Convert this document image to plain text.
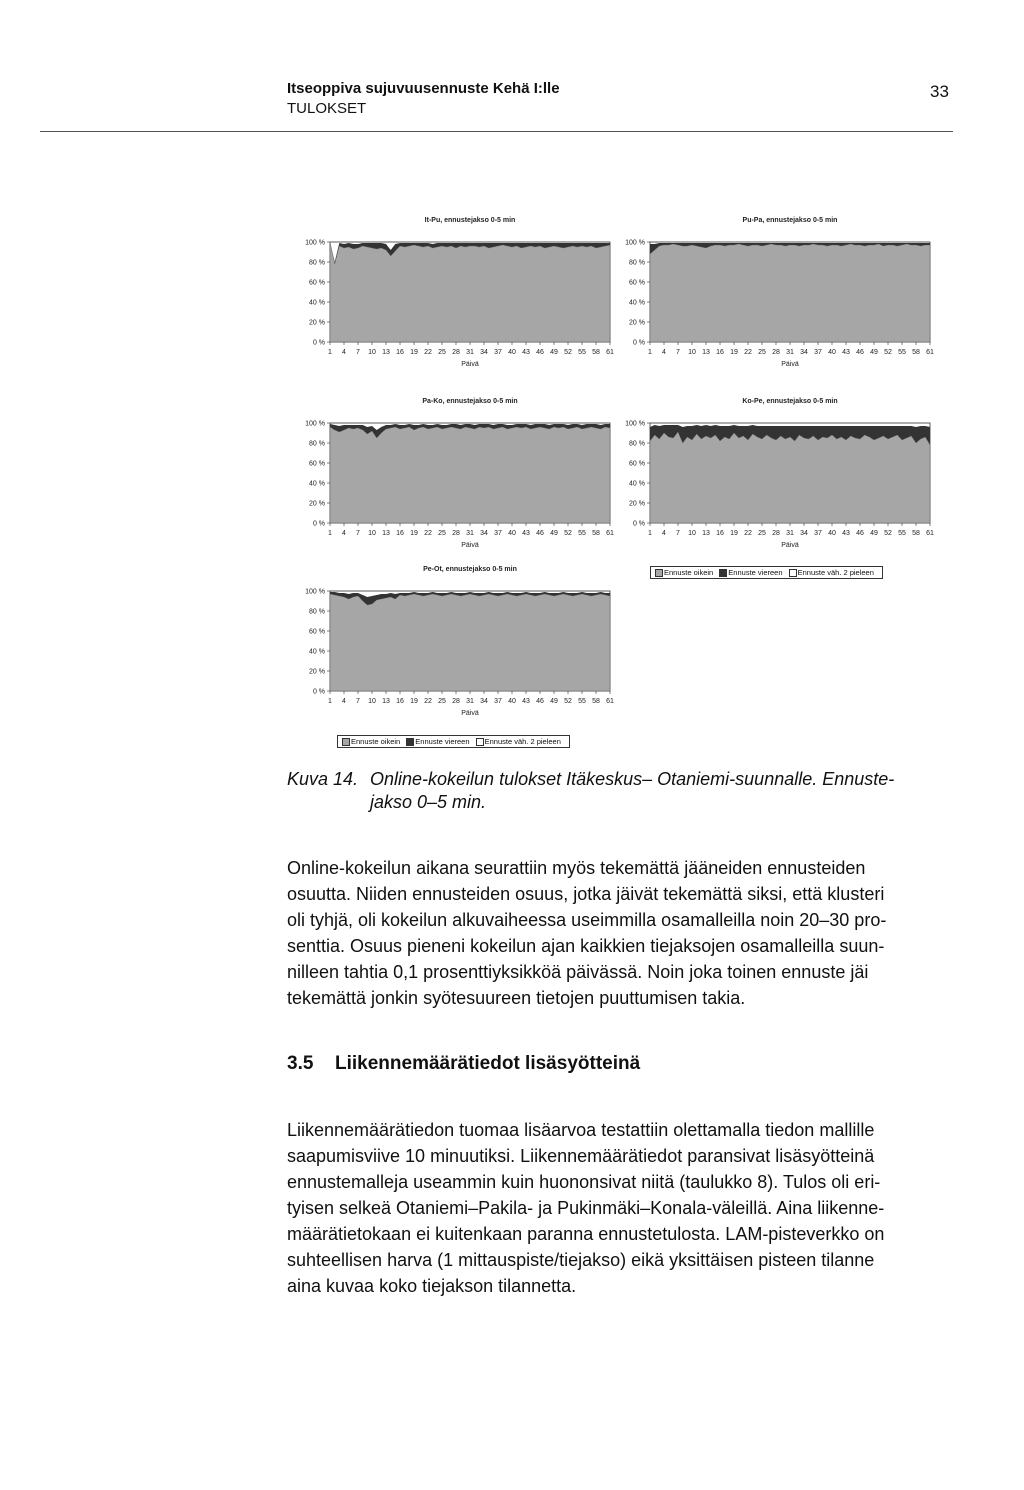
Itseoppiva sujuvuusennuste Kehä I:lle
TULOKSET
33
It-Pu, ennustejakso 0-5 min
0 %
20 %
40 %
60 %
80 %
100 %
1 4 7 10 13 16 19 22 25 28 31 34 37 40 43 46 49 52 55 58 61
Päivä
Pu-Pa, ennustejakso 0-5 min
0 %
20 %
40 %
60 %
80 %
100 %
1 4 7 10 13 16 19 22 25 28 31 34 37 40 43 46 49 52 55 58 61
Päivä
Pa-Ko, ennustejakso 0-5 min
0 %
20 %
40 %
60 %
80 %
100 %
1 4 7 10 13 16 19 22 25 28 31 34 37 40 43 46 49 52 55 58 61
Päivä
Ko-Pe, ennustejakso 0-5 min
0 %
20 %
40 %
60 %
80 %
100 %
1 4 7 10 13 16 19 22 25 28 31 34 37 40 43 46 49 52 55 58 61
Päivä
Pe-Ot, ennustejakso 0-5 min
0 %
20 %
40 %
60 %
80 %
100 %
1 4 7 10 13 16 19 22 25 28 31 34 37 40 43 46 49 52 55 58 61
Päivä
Ennuste oikein Ennuste viereen Ennuste väh. 2 pieleen
Ennuste oikein Ennuste viereen Ennuste väh. 2 pieleen
Kuva 14. Online-kokeilun tulokset Itäkeskus– Otaniemi-suunnalle. Ennuste-
jakso 0–5 min.
Online-kokeilun aikana seurattiin myös tekemättä jääneiden ennusteiden
osuutta. Niiden ennusteiden osuus, jotka jäivät tekemättä siksi, että klusteri
oli tyhjä, oli kokeilun alkuvaiheessa useimmilla osamalleilla noin 20–30 pro-
senttia. Osuus pieneni kokeilun ajan kaikkien tiejaksojen osamalleilla suun-
nilleen tahtia 0,1 prosenttiyksikköä päivässä. Noin joka toinen ennuste jäi
tekemättä jonkin syötesuureen tietojen puuttumisen takia.
3.5 Liikennemäärätiedot lisäsyötteinä
Liikennemäärätiedon tuomaa lisäarvoa testattiin olettamalla tiedon mallille
saapumisviive 10 minuutiksi. Liikennemäärätiedot paransivat lisäsyötteinä
ennustemalleja useammin kuin huononsivat niitä (taulukko 8). Tulos oli eri-
tyisen selkeä Otaniemi–Pakila- ja Pukinmäki–Konala-väleillä. Aina liikenne-
määrätietokaan ei kuitenkaan paranna ennustetulosta. LAM-pisteverkko on
suhteellisen harva (1 mittauspiste/tiejakso) eikä yksittäisen pisteen tilanne
aina kuvaa koko tiejakson tilannetta.
